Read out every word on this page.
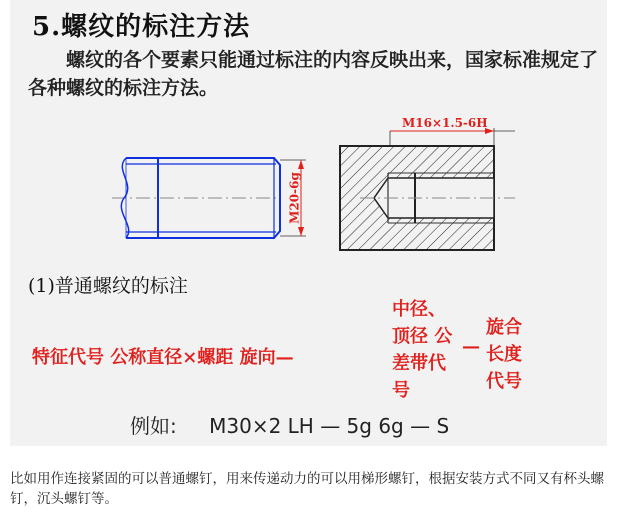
5.螺纹的标注方法
螺纹的各个要素只能通过标注的内容反映出来，国家标准规定了各种螺纹的标注方法。
M20-6g
M16×1.5-6H
(1)普通螺纹的标注
特征代号 公称直径×螺距 旋向—
中径、
顶径 公
差带代
号
—
旋合
长度
代号
例如: M30×2 LH — 5g 6g — S
比如用作连接紧固的可以普通螺钉，用来传递动力的可以用梯形螺钉，根据安装方式不同又有杯头螺钉，沉头螺钉等。
